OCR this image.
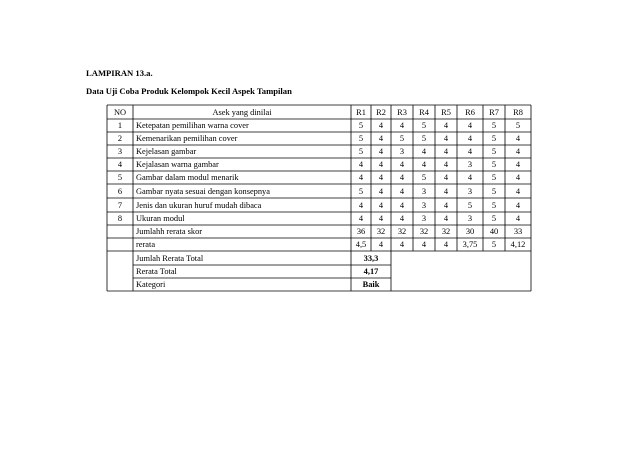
LAMPIRAN 13.a.
Data Uji Coba Produk Kelompok Kecil Aspek Tampilan
NO	Asek yang dinilai	R1	R2	R3	R4	R5	R6	R7	R8
1	Ketepatan pemilihan warna cover	5	4	4	5	4	4	5	5
2	Kemenarikan pemilihan cover	5	4	5	5	4	4	5	4
3	Kejelasan gambar	5	4	3	4	4	4	5	4
4	Kejalasan warna gambar	4	4	4	4	4	3	5	4
5	Gambar dalam modul menarik	4	4	4	5	4	4	5	4
6	Gambar nyata sesuai dengan konsepnya	5	4	4	3	4	3	5	4
7	Jenis dan ukuran huruf mudah dibaca	4	4	4	3	4	5	5	4
8	Ukuran modul	4	4	4	3	4	3	5	4
Jumlahh rerata skor	36	32	32	32	32	30	40	33
rerata	4,5	4	4	4	4	3,75	5	4,12
Jumlah Rerata Total	33,3
Rerata Total	4,17
Kategori	Baik
